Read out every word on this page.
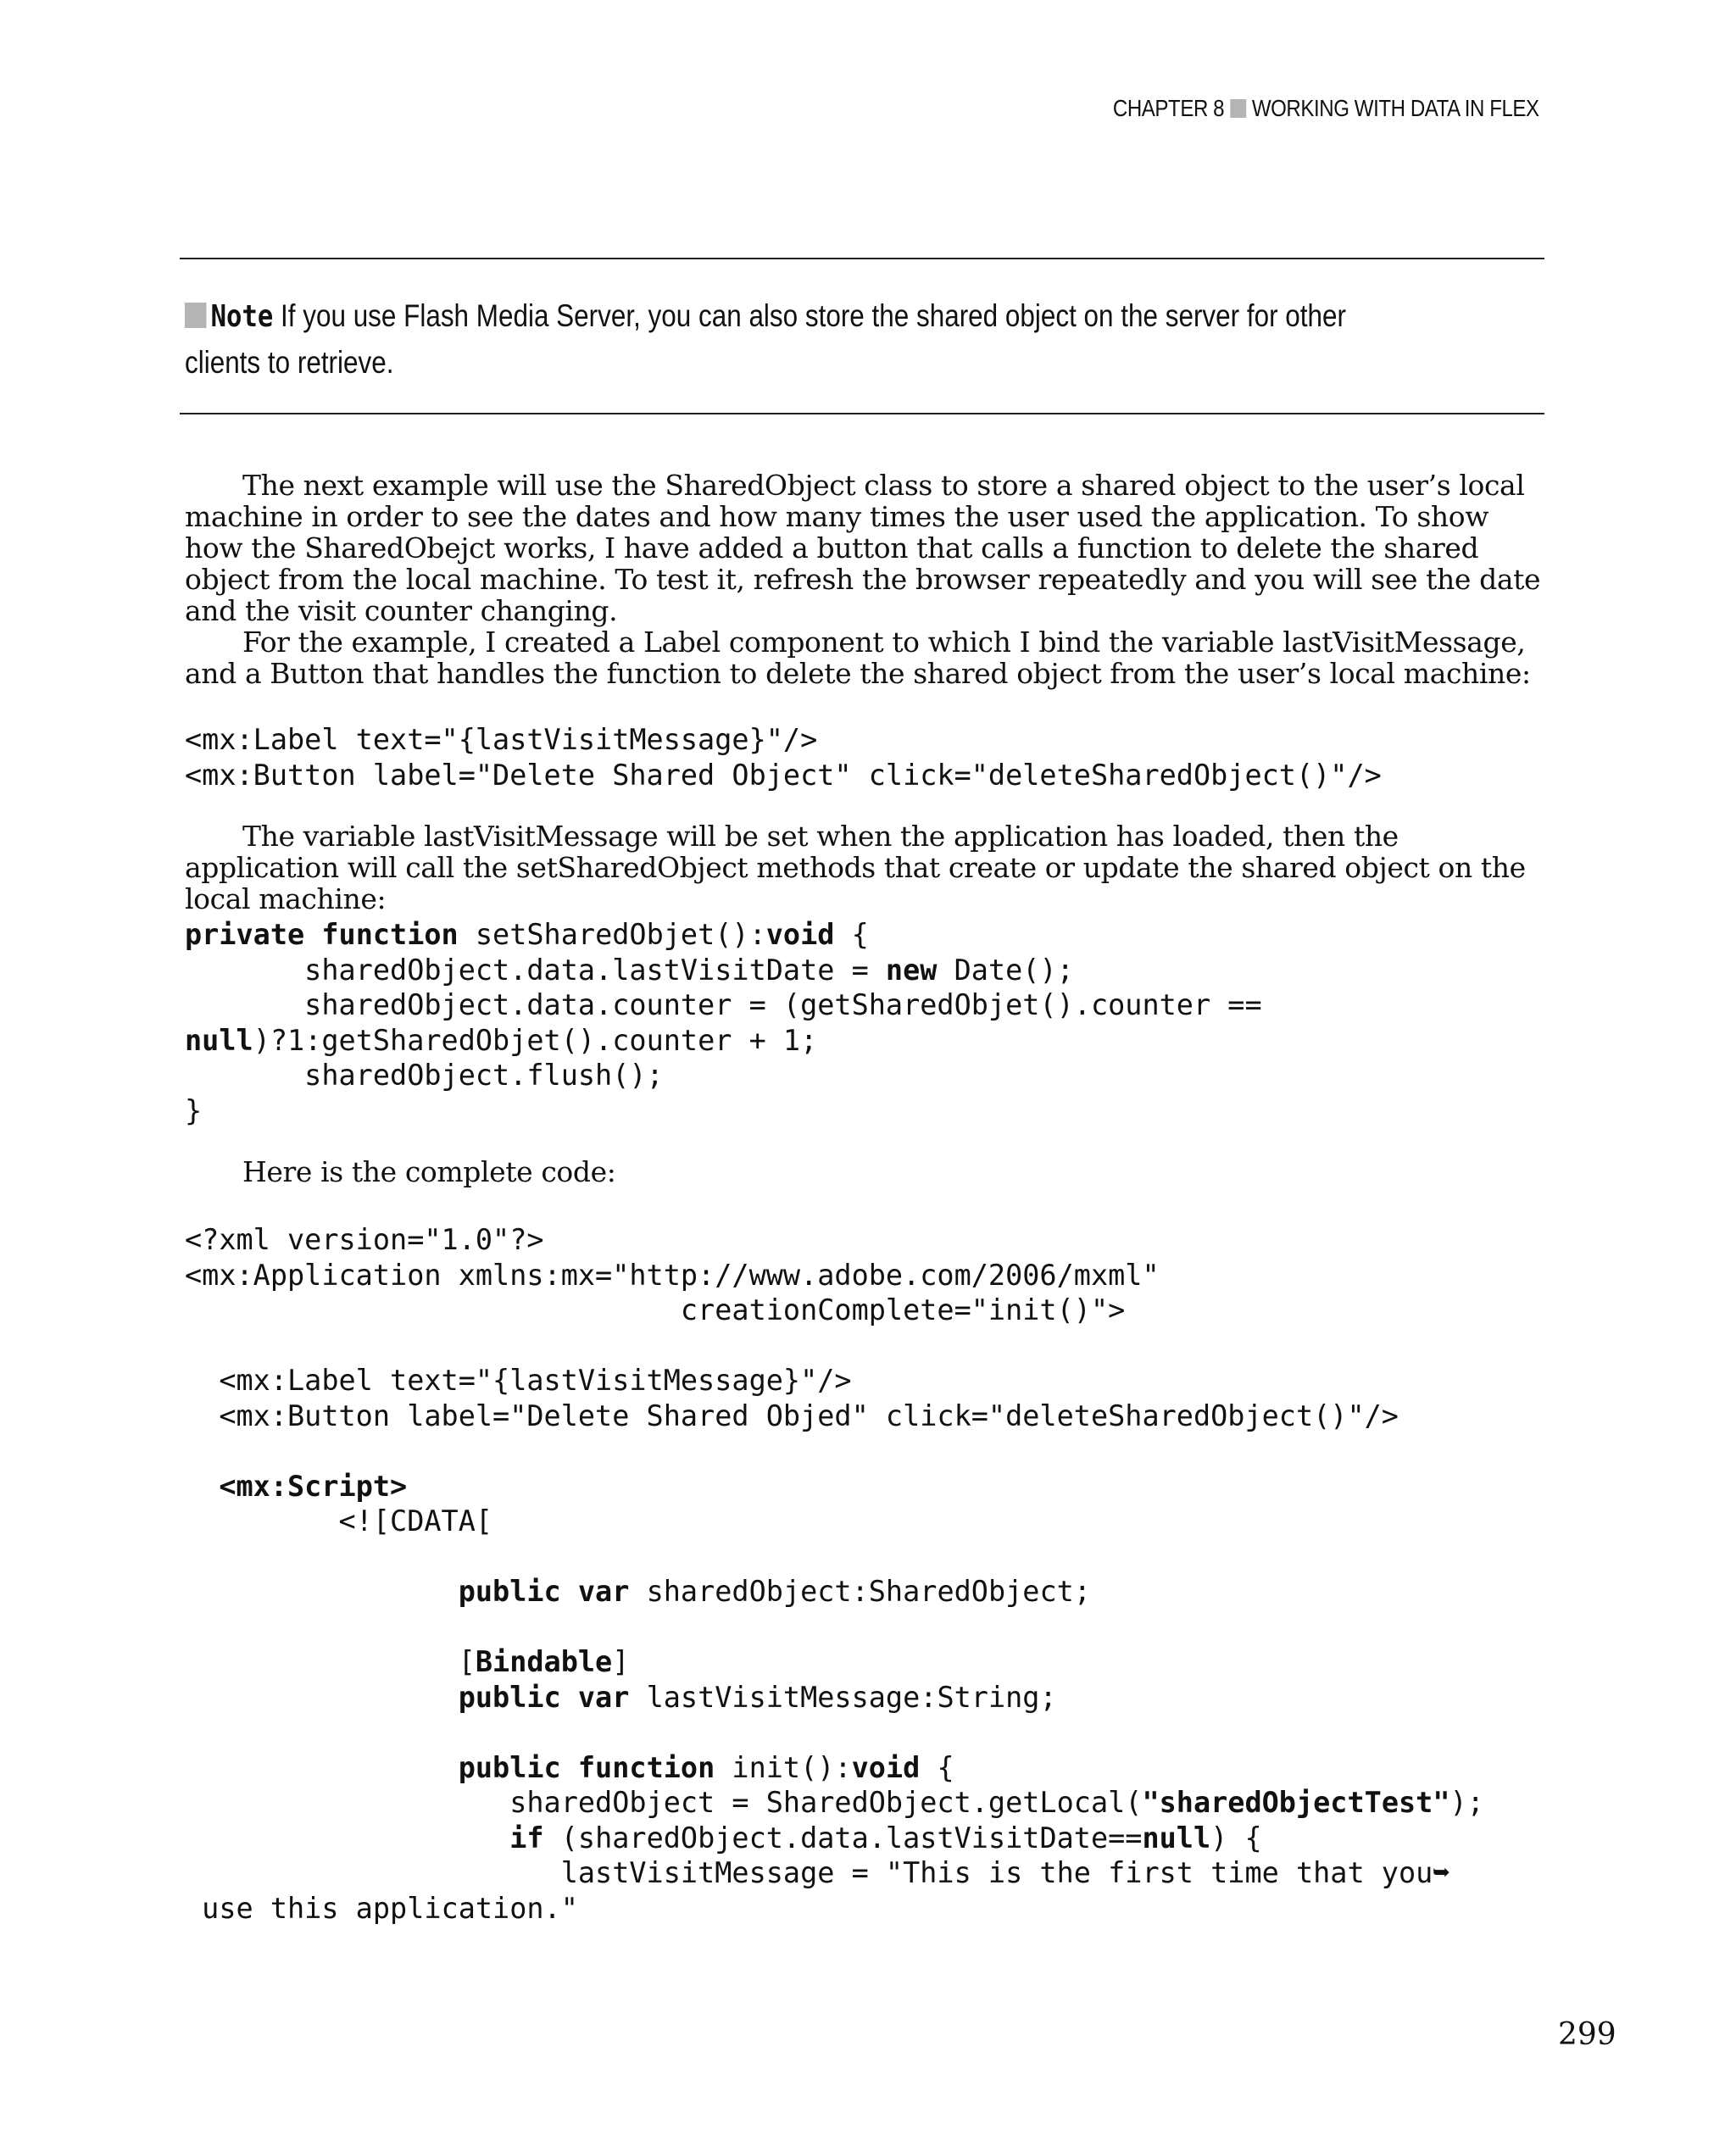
CHAPTER 8 WORKING WITH DATA IN FLEX
Note If you use Flash Media Server, you can also store the shared object on the server for other clients to retrieve.

The next example will use the SharedObject class to store a shared object to the user’s local machine in order to see the dates and how many times the user used the application. To show how the SharedObejct works, I have added a button that calls a function to delete the shared object from the local machine. To test it, refresh the browser repeatedly and you will see the date and the visit counter changing.

For the example, I created a Label component to which I bind the variable lastVisitMessage, and a Button that handles the function to delete the shared object from the user’s local machine:

<mx:Label text="{lastVisitMessage}"/>
<mx:Button label="Delete Shared Object" click="deleteSharedObject()"/>

The variable lastVisitMessage will be set when the application has loaded, then the application will call the setSharedObject methods that create or update the shared object on the local machine:

private function setSharedObjet():void {
sharedObject.data.lastVisitDate = new Date();
sharedObject.data.counter = (getSharedObjet().counter ==
null)?1:getSharedObjet().counter + 1;
sharedObject.flush();
}

Here is the complete code:

<?xml version="1.0"?>
<mx:Application xmlns:mx="http://www.adobe.com/2006/mxml"
creationComplete="init()">

<mx:Label text="{lastVisitMessage}"/>
<mx:Button label="Delete Shared Objed" click="deleteSharedObject()"/>

<mx:Script>
<![CDATA[

public var sharedObject:SharedObject;

[Bindable]
public var lastVisitMessage:String;

public function init():void {
sharedObject = SharedObject.getLocal("sharedObjectTest");
if (sharedObject.data.lastVisitDate==null) {
lastVisitMessage = "This is the first time that you➥
use this application."
299
